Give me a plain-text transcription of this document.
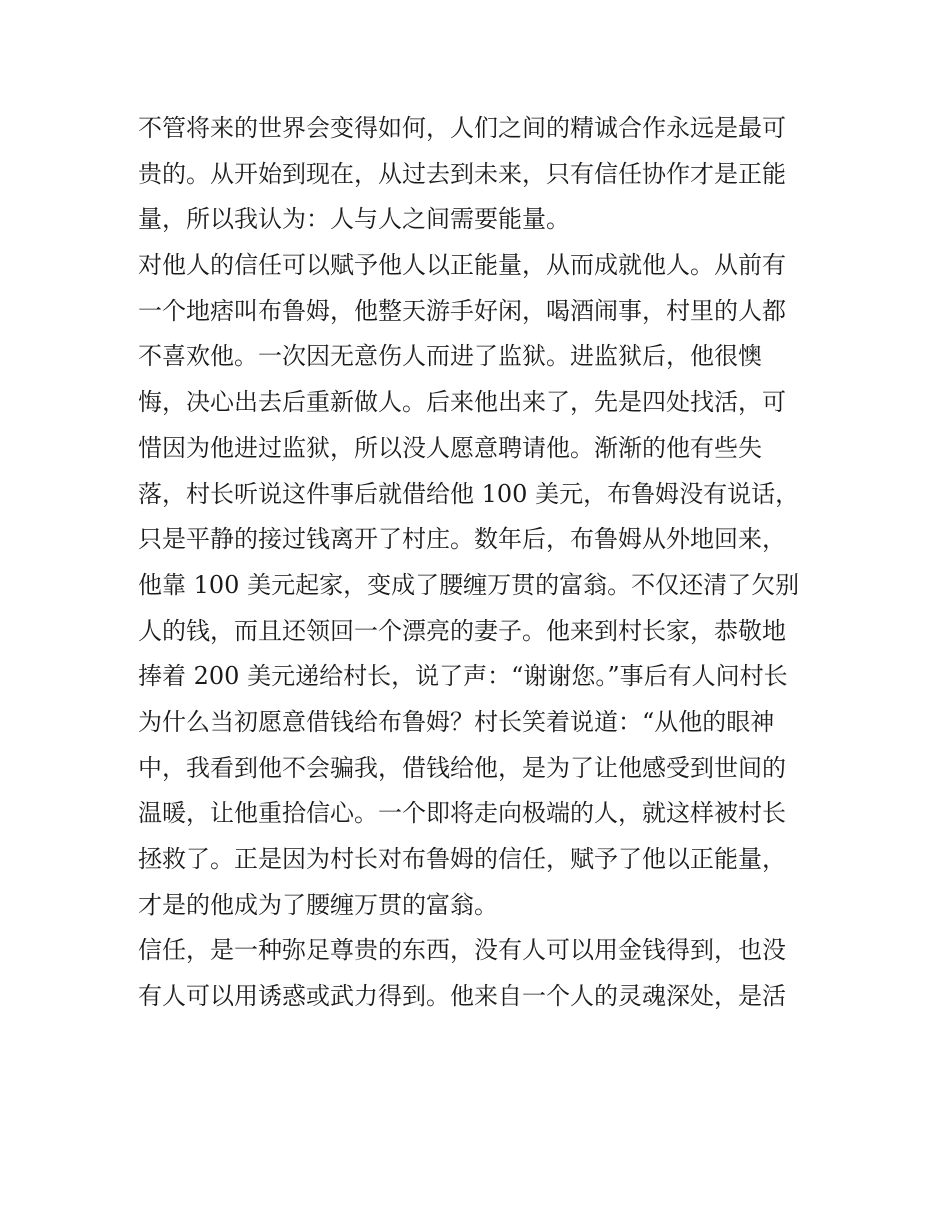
不管将来的世界会变得如何，人们之间的精诚合作永远是最可
贵的。从开始到现在，从过去到未来，只有信任协作才是正能
量，所以我认为：人与人之间需要能量。
对他人的信任可以赋予他人以正能量，从而成就他人。从前有
一个地痞叫布鲁姆，他整天游手好闲，喝酒闹事，村里的人都
不喜欢他。一次因无意伤人而进了监狱。进监狱后，他很懊
悔，决心出去后重新做人。后来他出来了，先是四处找活，可
惜因为他进过监狱，所以没人愿意聘请他。渐渐的他有些失
落，村长听说这件事后就借给他 100 美元，布鲁姆没有说话，
只是平静的接过钱离开了村庄。数年后，布鲁姆从外地回来，
他靠 100 美元起家，变成了腰缠万贯的富翁。不仅还清了欠别
人的钱，而且还领回一个漂亮的妻子。他来到村长家，恭敬地
捧着 200 美元递给村长，说了声：“谢谢您。”事后有人问村长
为什么当初愿意借钱给布鲁姆？村长笑着说道：“从他的眼神
中，我看到他不会骗我，借钱给他，是为了让他感受到世间的
温暖，让他重拾信心。一个即将走向极端的人，就这样被村长
拯救了。正是因为村长对布鲁姆的信任，赋予了他以正能量，
才是的他成为了腰缠万贯的富翁。
信任，是一种弥足尊贵的东西，没有人可以用金钱得到，也没
有人可以用诱惑或武力得到。他来自一个人的灵魂深处，是活
